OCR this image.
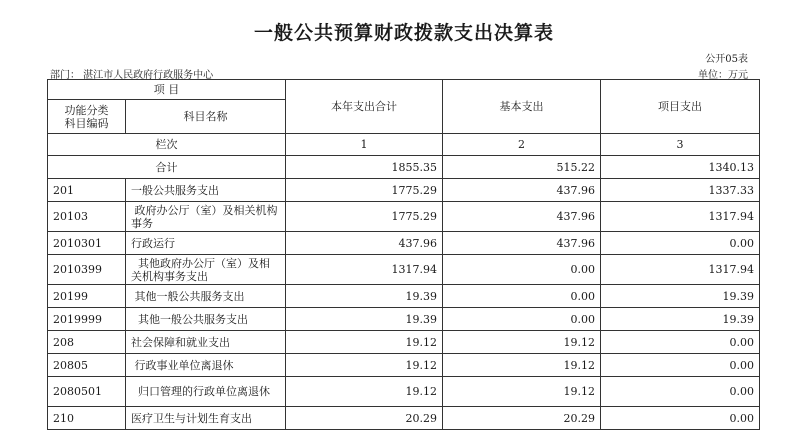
一般公共预算财政拨款支出决算表
公开05表
部门： 湛江市人民政府行政服务中心	单位：万元
项 目		本年支出合计	基本支出	项目支出
功能分类
科目编码	科目名称			
栏次		1	2	3
合计		1855.35	515.22	1340.13
201	一般公共服务支出	1775.29	437.96	1337.33
20103	政府办公厅（室）及相关机构事务	1775.29	437.96	1317.94
2010301	行政运行	437.96	437.96	0.00
2010399	其他政府办公厅（室）及相关机构事务支出	1317.94	0.00	1317.94
20199	其他一般公共服务支出	19.39	0.00	19.39
2019999	其他一般公共服务支出	19.39	0.00	19.39
208	社会保障和就业支出	19.12	19.12	0.00
20805	行政事业单位离退休	19.12	19.12	0.00
2080501	归口管理的行政单位离退休	19.12	19.12	0.00
210	医疗卫生与计划生育支出	20.29	20.29	0.00
